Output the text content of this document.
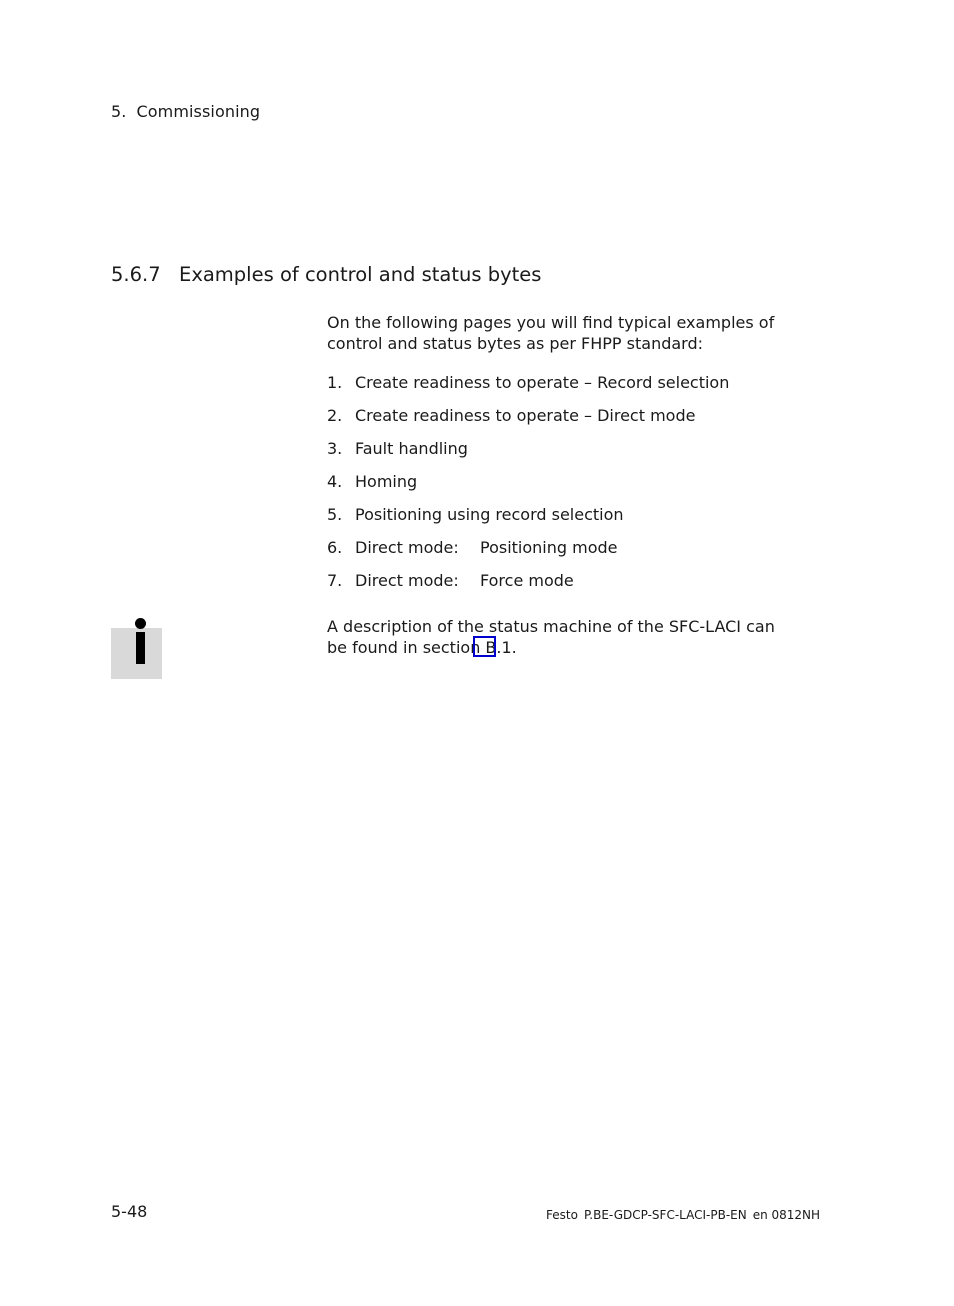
5. Commissioning
5.6.7 Examples of control and status bytes

On the following pages you will find typical examples of control and status bytes as per FHPP standard:

1. Create readiness to operate – Record selection
2. Create readiness to operate – Direct mode
3. Fault handling
4. Homing
5. Positioning using record selection
6. Direct mode: Positioning mode
7. Direct mode: Force mode

A description of the status machine of the SFC-LACI can be found in section
B.1.

5-48	Festo P.BE-GDCP-SFC-LACI-PB-EN en 0812NH
